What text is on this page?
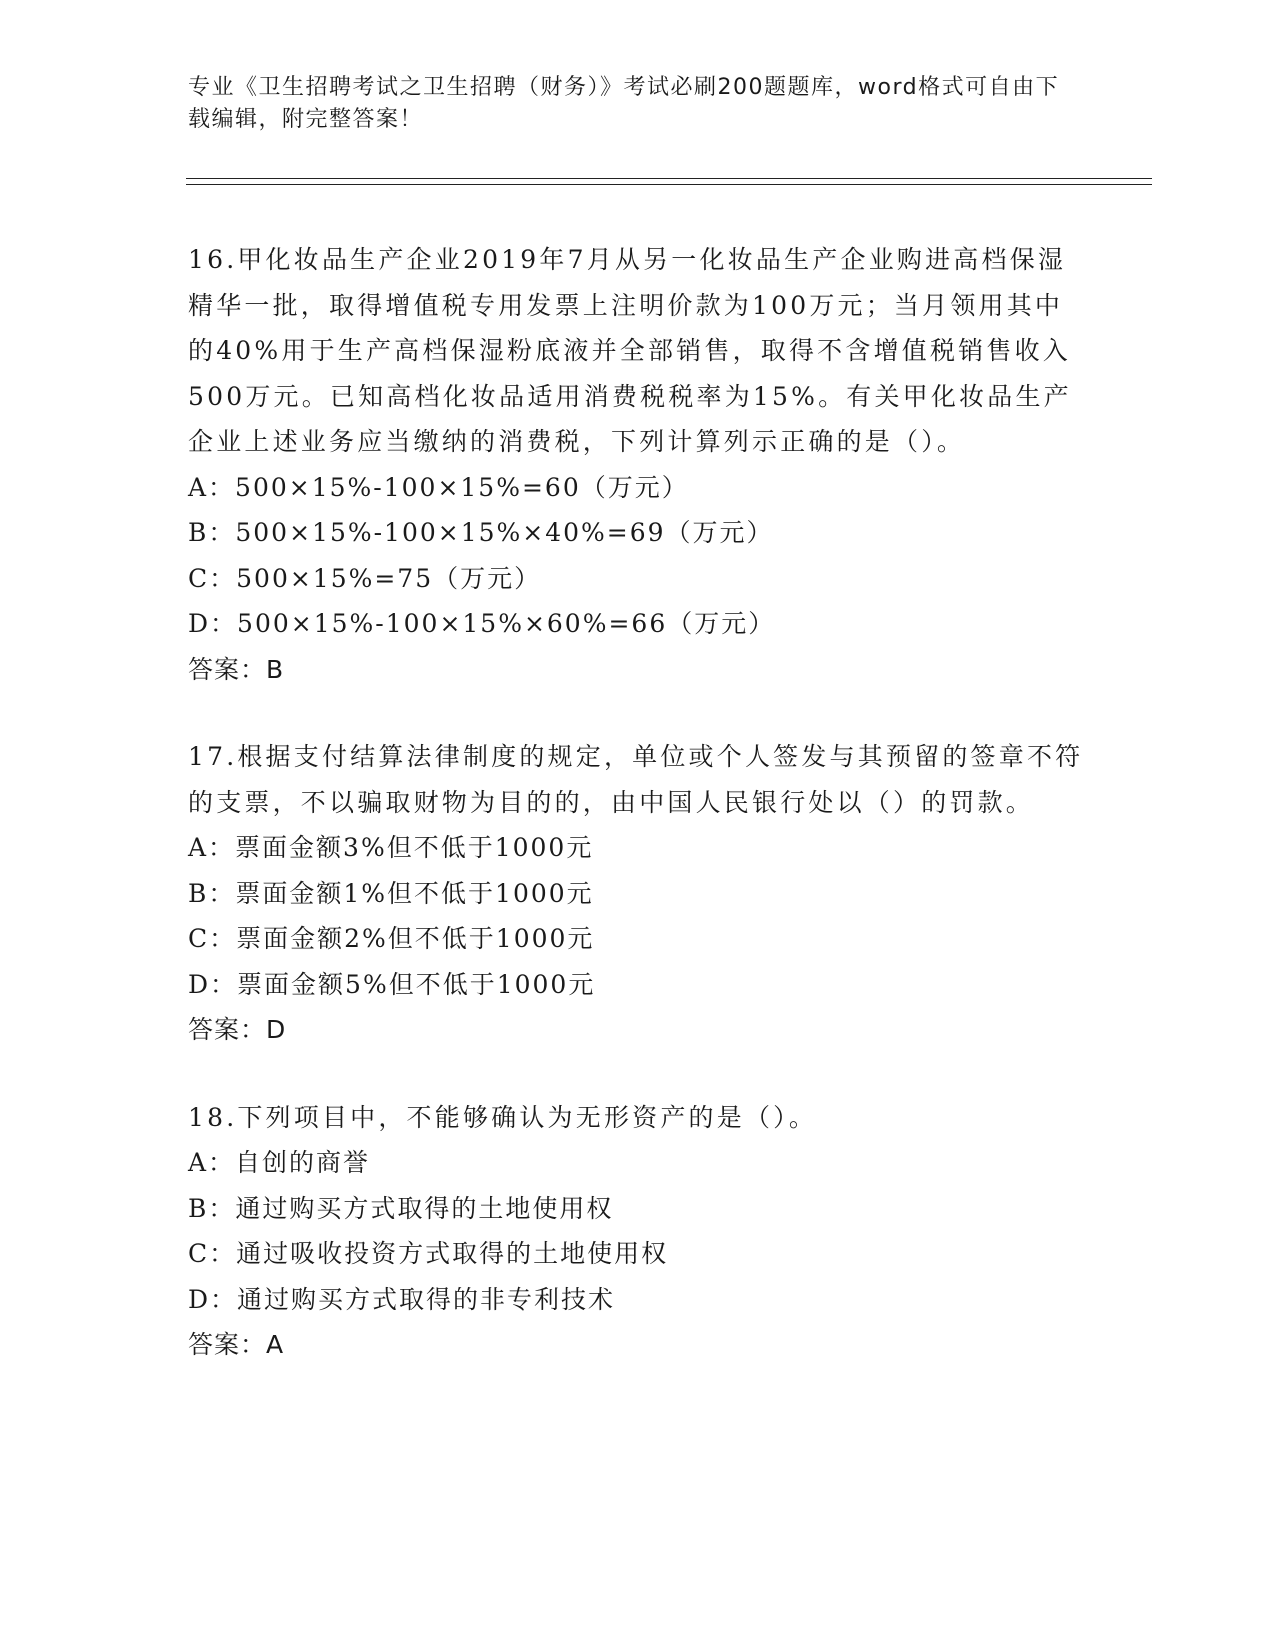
专业《卫生招聘考试之卫生招聘（财务）》考试必刷200题题库，word格式可自由下载编辑，附完整答案！

16.甲化妆品生产企业2019年7月从另一化妆品生产企业购进高档保湿精华一批，取得增值税专用发票上注明价款为100万元；当月领用其中的40%用于生产高档保湿粉底液并全部销售，取得不含增值税销售收入500万元。已知高档化妆品适用消费税税率为15%。有关甲化妆品生产企业上述业务应当缴纳的消费税，下列计算列示正确的是（）。

A：500×15%-100×15%=60（万元）

B：500×15%-100×15%×40%=69（万元）

C：500×15%=75（万元）

D：500×15%-100×15%×60%=66（万元）

答案：B

17.根据支付结算法律制度的规定，单位或个人签发与其预留的签章不符的支票，不以骗取财物为目的的，由中国人民银行处以（）的罚款。

A：票面金额3%但不低于1000元

B：票面金额1%但不低于1000元

C：票面金额2%但不低于1000元

D：票面金额5%但不低于1000元

答案：D

18.下列项目中，不能够确认为无形资产的是（）。

A：自创的商誉

B：通过购买方式取得的土地使用权

C：通过吸收投资方式取得的土地使用权

D：通过购买方式取得的非专利技术

答案：A
